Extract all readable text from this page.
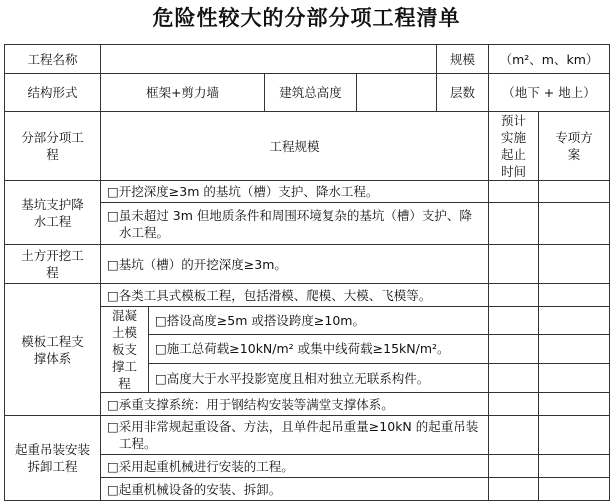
危险性较大的分部分项工程清单
工程名称					规模	（m²、m、km）	
结构形式	框架+剪力墙		建筑总高度		层数	（地下 + 地上）	
分部分项工程	工程规模					预计实施起止时间	专项方案
基坑支护降水工程	□开挖深度≥3m 的基坑（槽）支护、降水工程。						

	□虽未超过 3m 但地质条件和周围环境复杂的基坑（槽）支护、降水工程。						

土方开挖工程	□基坑（槽）的开挖深度≥3m。						

模板工程支撑体系	□各类工具式模板工程，包括滑模、爬模、大模、飞模等。						

	混凝土模板支撑工程	□搭设高度≥5m 或搭设跨度≥10m。					

		□施工总荷载≥10kN/m² 或集中线荷载≥15kN/m²。					

		□高度大于水平投影宽度且相对独立无联系构件。					

	□承重支撑系统：用于钢结构安装等满堂支撑体系。						

起重吊装安装拆卸工程	□采用非常规起重设备、方法，且单件起吊重量≥10kN 的起重吊装工程。						

	□采用起重机械进行安装的工程。						

	□起重机械设备的安装、拆卸。						
